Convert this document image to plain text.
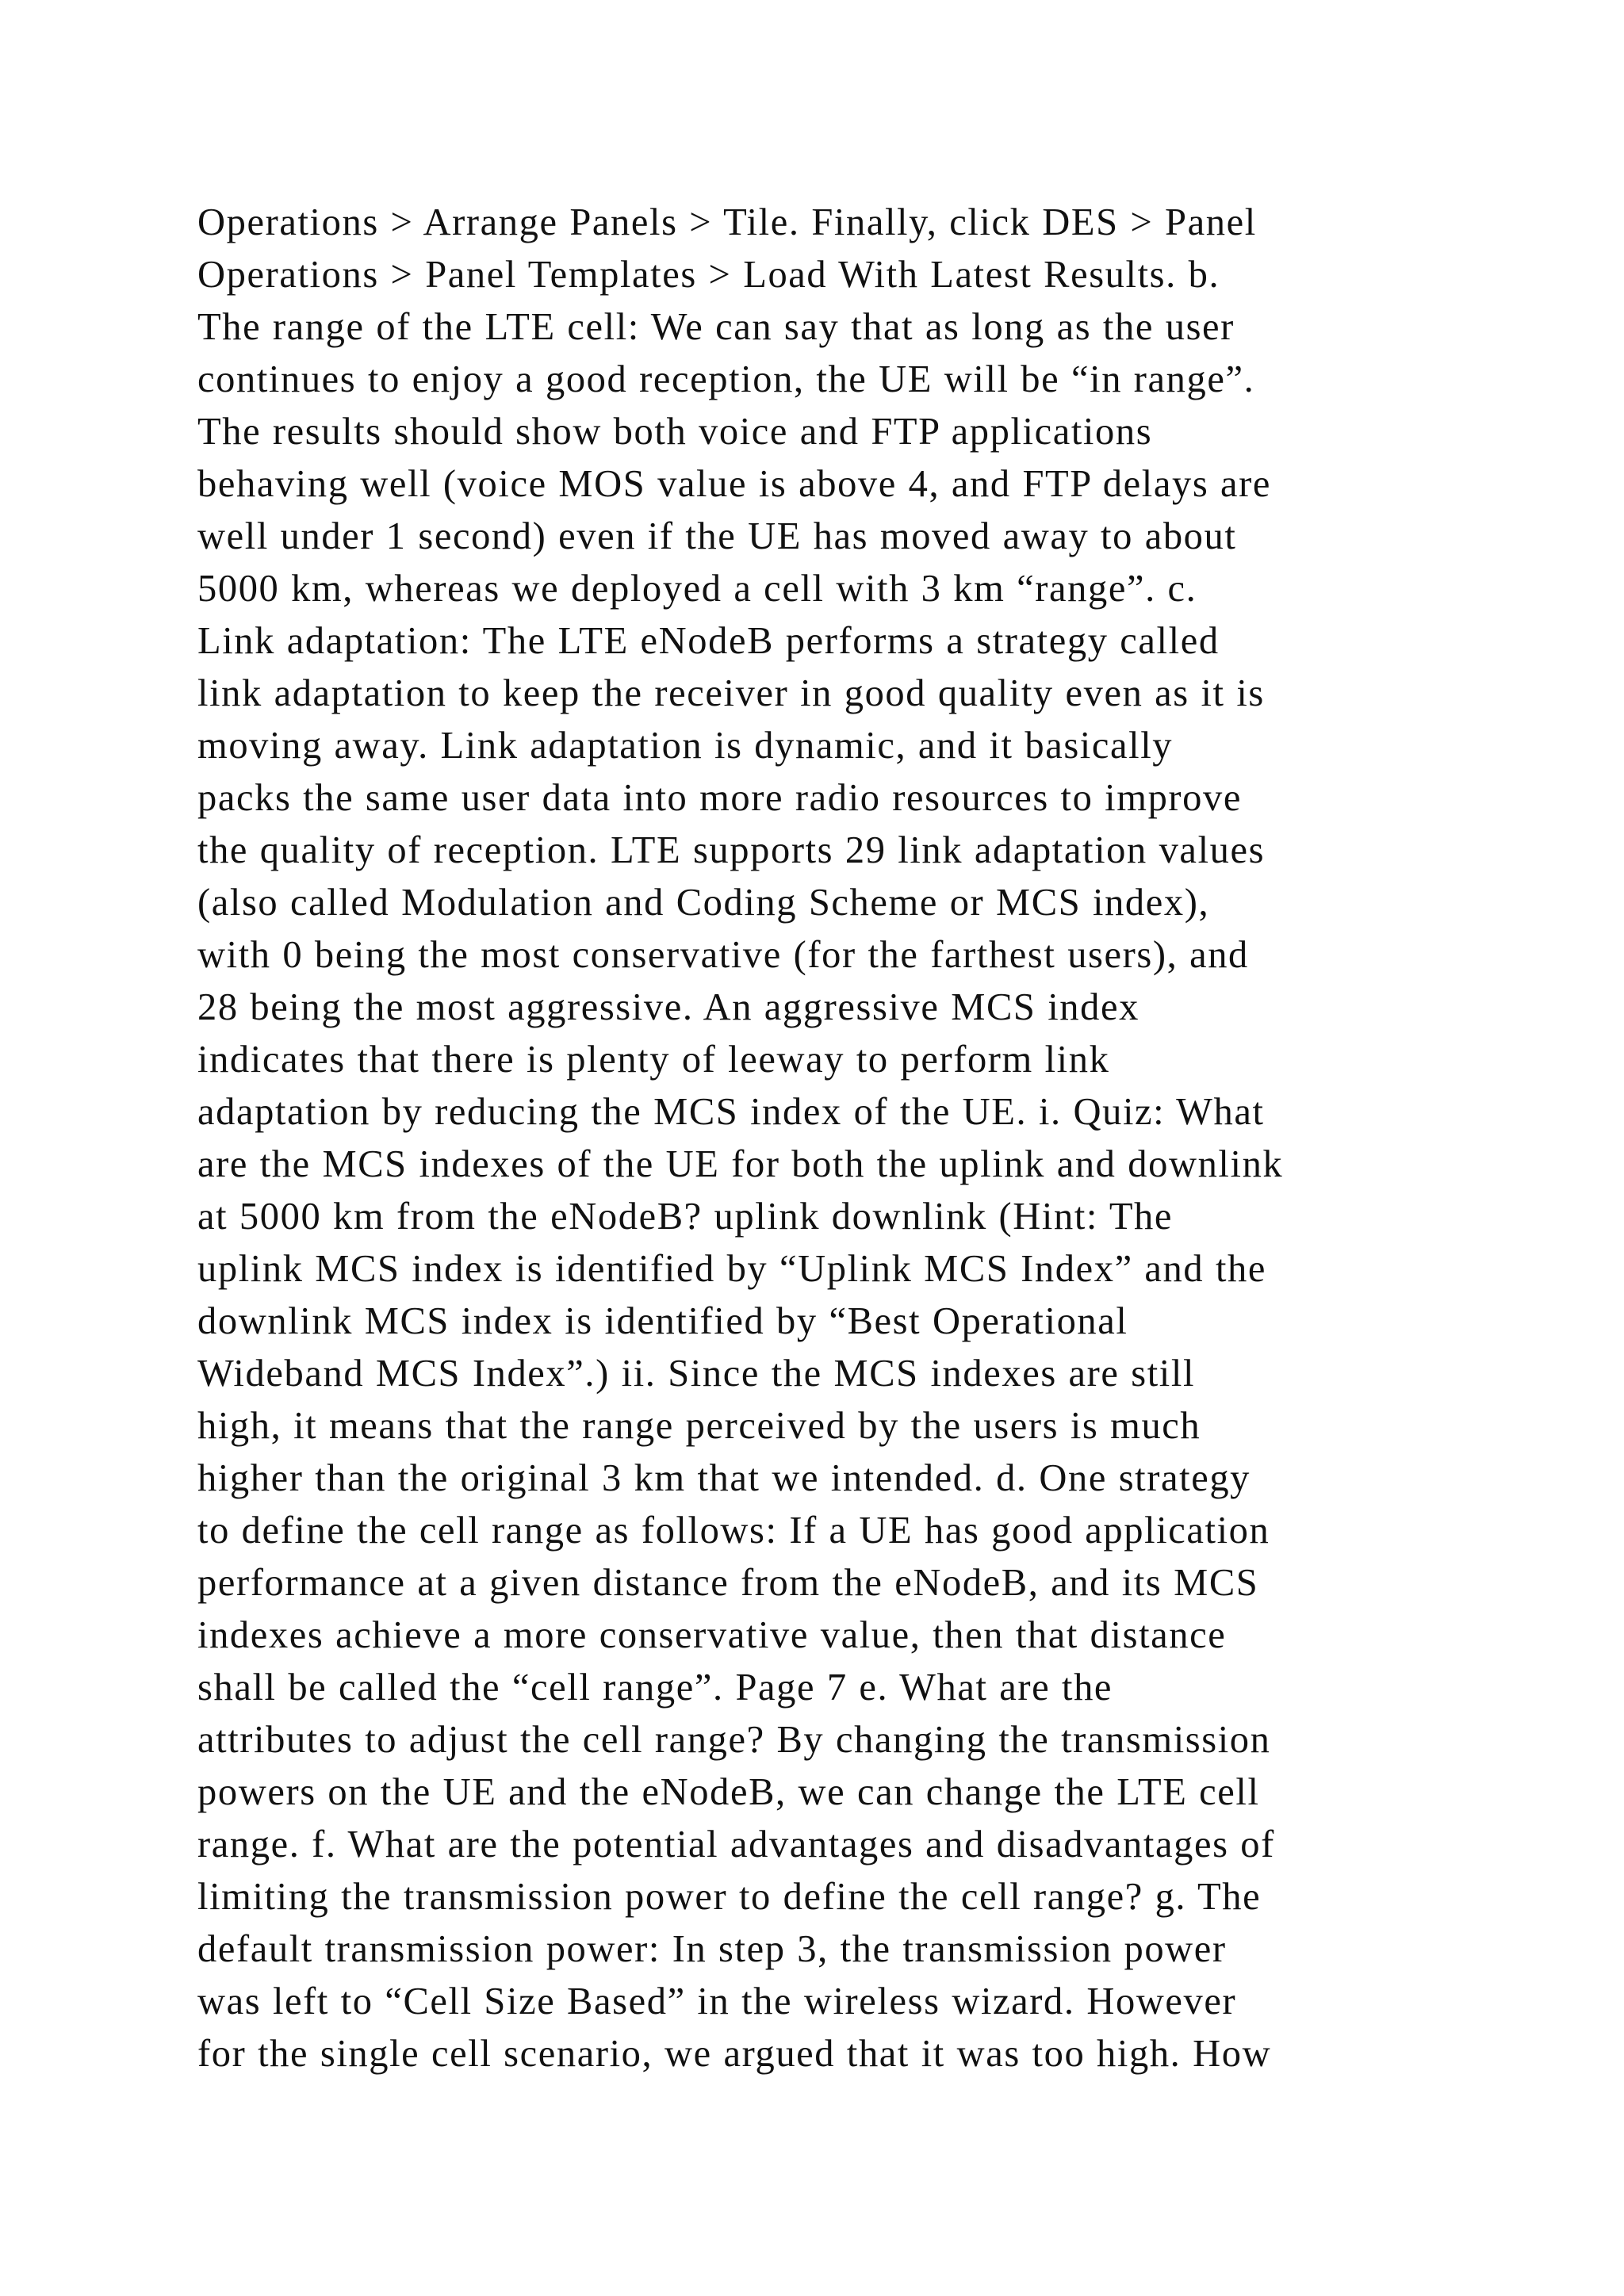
Operations > Arrange Panels > Tile. Finally, click DES > Panel
Operations > Panel Templates > Load With Latest Results. b.
The range of the LTE cell: We can say that as long as the user
continues to enjoy a good reception, the UE will be “in range”.
The results should show both voice and FTP applications
behaving well (voice MOS value is above 4, and FTP delays are
well under 1 second) even if the UE has moved away to about
5000 km, whereas we deployed a cell with 3 km “range”. c.
Link adaptation: The LTE eNodeB performs a strategy called
link adaptation to keep the receiver in good quality even as it is
moving away. Link adaptation is dynamic, and it basically
packs the same user data into more radio resources to improve
the quality of reception. LTE supports 29 link adaptation values
(also called Modulation and Coding Scheme or MCS index),
with 0 being the most conservative (for the farthest users), and
28 being the most aggressive. An aggressive MCS index
indicates that there is plenty of leeway to perform link
adaptation by reducing the MCS index of the UE. i. Quiz: What
are the MCS indexes of the UE for both the uplink and downlink
at 5000 km from the eNodeB? uplink downlink (Hint: The
uplink MCS index is identified by “Uplink MCS Index” and the
downlink MCS index is identified by “Best Operational
Wideband MCS Index”.) ii. Since the MCS indexes are still
high, it means that the range perceived by the users is much
higher than the original 3 km that we intended. d. One strategy
to define the cell range as follows: If a UE has good application
performance at a given distance from the eNodeB, and its MCS
indexes achieve a more conservative value, then that distance
shall be called the “cell range”. Page 7 e. What are the
attributes to adjust the cell range? By changing the transmission
powers on the UE and the eNodeB, we can change the LTE cell
range. f. What are the potential advantages and disadvantages of
limiting the transmission power to define the cell range? g. The
default transmission power: In step 3, the transmission power
was left to “Cell Size Based” in the wireless wizard. However
for the single cell scenario, we argued that it was too high. How
